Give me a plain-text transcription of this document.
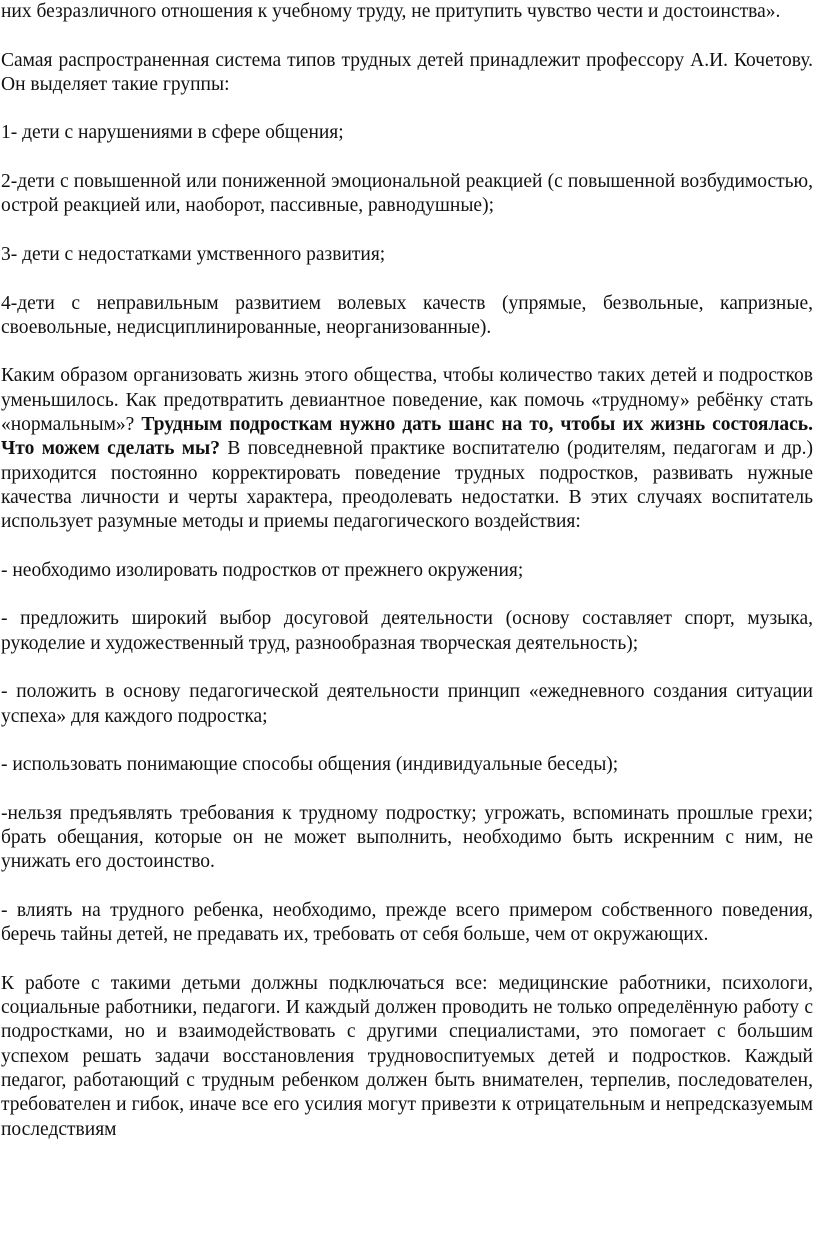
них безразличного отношения к учебному труду, не притупить чувство чести и достоинства».

Самая распространенная система типов трудных детей принадлежит профессору А.И. Кочетову. Он выделяет такие группы:

1- дети с нарушениями в сфере общения;

2-дети с повышенной или пониженной эмоциональной реакцией (с повышенной возбудимостью, острой реакцией или, наоборот, пассивные, равнодушные);

3- дети с недостатками умственного развития;

4-дети с неправильным развитием волевых качеств (упрямые, безвольные, капризные, своевольные, недисциплинированные, неорганизованные).

Каким образом организовать жизнь этого общества, чтобы количество таких детей и подростков уменьшилось. Как предотвратить девиантное поведение, как помочь «трудному» ребёнку стать «нормальным»? Трудным подросткам нужно дать шанс на то, чтобы их жизнь состоялась. Что можем сделать мы? В повседневной практике воспитателю (родителям, педагогам и др.) приходится постоянно корректировать поведение трудных подростков, развивать нужные качества личности и черты характера, преодолевать недостатки. В этих случаях воспитатель использует разумные методы и приемы педагогического воздействия:

- необходимо изолировать подростков от прежнего окружения;

- предложить широкий выбор досуговой деятельности (основу составляет спорт, музыка, рукоделие и художественный труд, разнообразная творческая деятельность);

- положить в основу педагогической деятельности принцип «ежедневного создания ситуации успеха» для каждого подростка;

- использовать понимающие способы общения (индивидуальные беседы);

-нельзя предъявлять требования к трудному подростку; угрожать, вспоминать прошлые грехи; брать обещания, которые он не может выполнить, необходимо быть искренним с ним, не унижать его достоинство.

- влиять на трудного ребенка, необходимо, прежде всего примером собственного поведения, беречь тайны детей, не предавать их, требовать от себя больше, чем от окружающих.

К работе с такими детьми должны подключаться все: медицинские работники, психологи, социальные работники, педагоги. И каждый должен проводить не только определённую работу с подростками, но и взаимодействовать с другими специалистами, это помогает с большим успехом решать задачи восстановления трудновоспитуемых детей и подростков. Каждый педагог, работающий с трудным ребенком должен быть внимателен, терпелив, последователен, требователен и гибок, иначе все его усилия могут привезти к отрицательным и непредсказуемым последствиям
